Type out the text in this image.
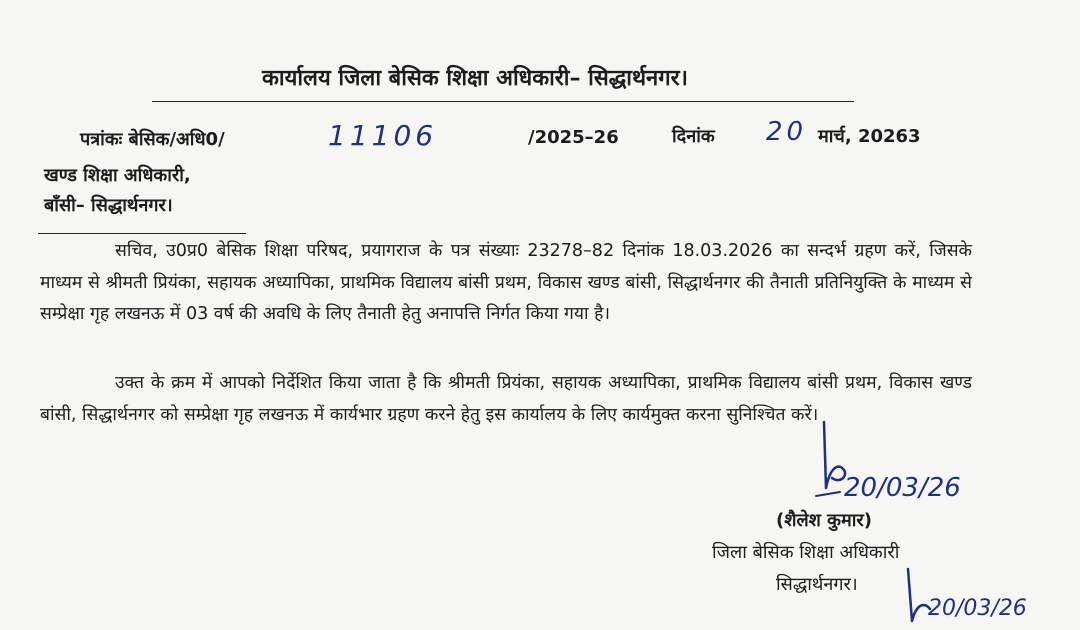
कार्यालय जिला बेसिक शिक्षा अधिकारी– सिद्धार्थनगर।
पत्रांकः बेसिक/अधि0/	11106	/2025–26	दिनांक 20 मार्च, 20263
खण्ड शिक्षा अधिकारी,
बाँसी– सिद्धार्थनगर।
सचिव, उ0प्र0 बेसिक शिक्षा परिषद, प्रयागराज के पत्र संख्याः 23278–82 दिनांक 18.03.2026 का सन्दर्भ ग्रहण करें, जिसके माध्यम से श्रीमती प्रियंका, सहायक अध्यापिका, प्राथमिक विद्यालय बांसी प्रथम, विकास खण्ड बांसी, सिद्धार्थनगर की तैनाती प्रतिनियुक्ति के माध्यम से सम्प्रेक्षा गृह लखनऊ में 03 वर्ष की अवधि के लिए तैनाती हेतु अनापत्ति निर्गत किया गया है।
उक्त के क्रम में आपको निर्देशित किया जाता है कि श्रीमती प्रियंका, सहायक अध्यापिका, प्राथमिक विद्यालय बांसी प्रथम, विकास खण्ड बांसी, सिद्धार्थनगर को सम्प्रेक्षा गृह लखनऊ में कार्यभार ग्रहण करने हेतु इस कार्यालय के लिए कार्यमुक्त करना सुनिश्चित करें।
20/03/26
(शैलेश कुमार)
जिला बेसिक शिक्षा अधिकारी
सिद्धार्थनगर।
20/03/26
